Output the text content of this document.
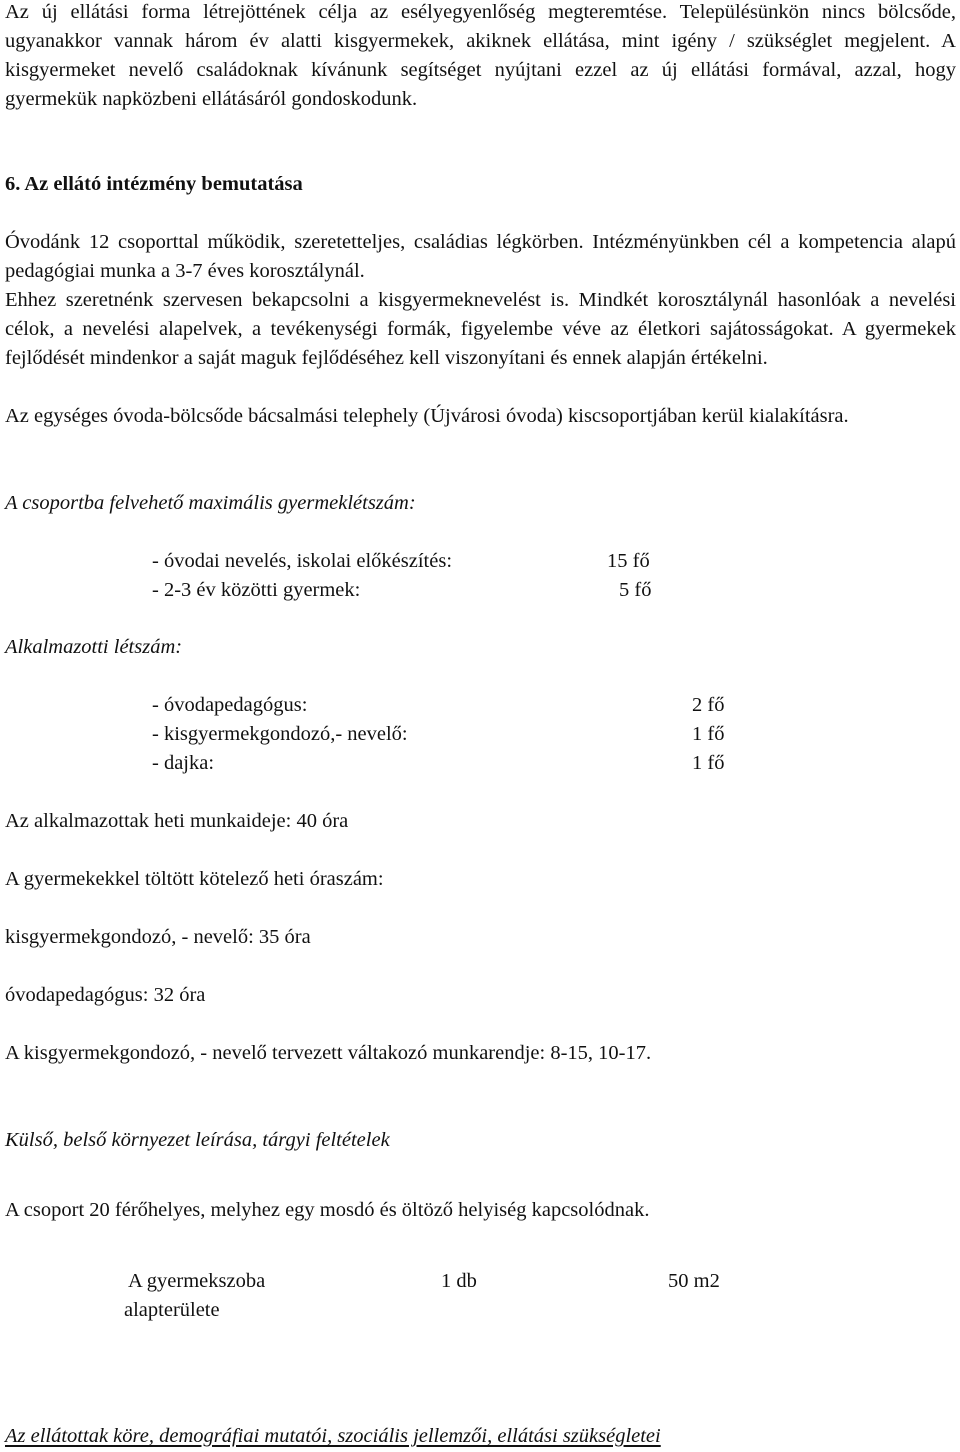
Az új ellátási forma létrejöttének célja az esélyegyenlőség megteremtése. Településünkön nincs bölcsőde, ugyanakkor vannak három év alatti kisgyermekek, akiknek ellátása, mint igény / szükséglet megjelent. A kisgyermeket nevelő családoknak kívánunk segítséget nyújtani ezzel az új ellátási formával, azzal, hogy gyermekük napközbeni ellátásáról gondoskodunk.

6. Az ellátó intézmény bemutatása

Óvodánk 12 csoporttal működik, szeretetteljes, családias légkörben. Intézményünkben cél a kompetencia alapú pedagógiai munka a 3-7 éves korosztálynál.

Ehhez szeretnénk szervesen bekapcsolni a kisgyermeknevelést is. Mindkét korosztálynál hasonlóak a nevelési célok, a nevelési alapelvek, a tevékenységi formák, figyelembe véve az életkori sajátosságokat. A gyermekek fejlődését mindenkor a saját maguk fejlődéséhez kell viszonyítani és ennek alapján értékelni.

Az egységes óvoda-bölcsőde bácsalmási telephely (Újvárosi óvoda) kiscsoportjában kerül kialakításra.

A csoportba felvehető maximális gyermeklétszám:
- óvodai nevelés, iskolai előkészítés:	15 fő
- 2-3 év közötti gyermek:	5 fő
Alkalmazotti létszám:
- óvodapedagógus:	2 fő
- kisgyermekgondozó,- nevelő:	1 fő
- dajka:	1 fő
Az alkalmazottak heti munkaideje: 40 óra
A gyermekekkel töltött kötelező heti óraszám:
kisgyermekgondozó, - nevelő: 35 óra
óvodapedagógus: 32 óra
A kisgyermekgondozó, - nevelő tervezett váltakozó munkarendje: 8-15, 10-17.
Külső, belső környezet leírása, tárgyi feltételek
A csoport 20 férőhelyes, melyhez egy mosdó és öltöző helyiség kapcsolódnak.
A gyermekszoba
alapterülete
1 db	50 m2
Az ellátottak köre, demográfiai mutatói, szociális jellemzői, ellátási szükségletei
